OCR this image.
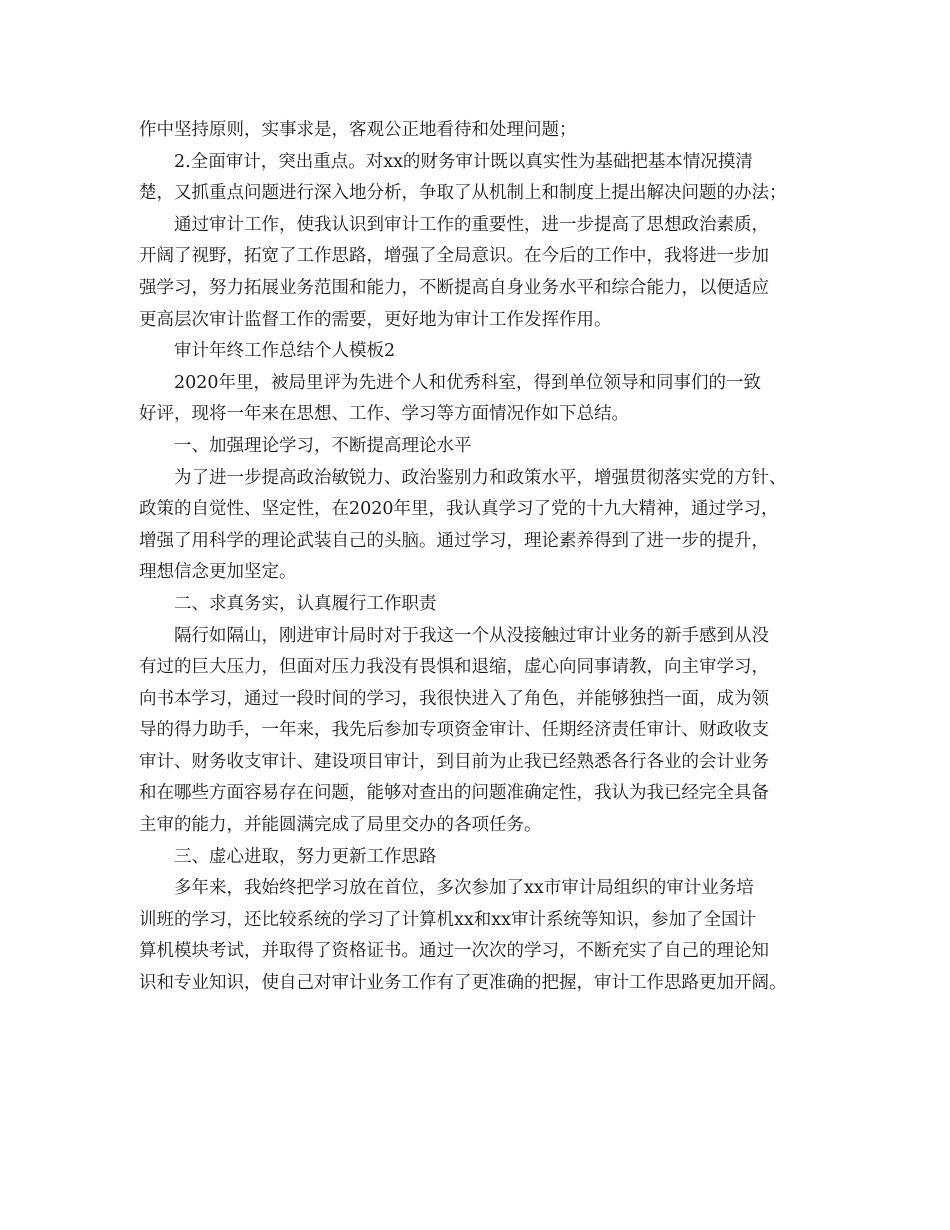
作中坚持原则，实事求是，客观公正地看待和处理问题；
2.全面审计，突出重点。对xx的财务审计既以真实性为基础把基本情况摸清
楚，又抓重点问题进行深入地分析，争取了从机制上和制度上提出解决问题的办法；
通过审计工作，使我认识到审计工作的重要性，进一步提高了思想政治素质，
开阔了视野，拓宽了工作思路，增强了全局意识。在今后的工作中，我将进一步加
强学习，努力拓展业务范围和能力，不断提高自身业务水平和综合能力，以便适应
更高层次审计监督工作的需要，更好地为审计工作发挥作用。
审计年终工作总结个人模板2
2020年里，被局里评为先进个人和优秀科室，得到单位领导和同事们的一致
好评，现将一年来在思想、工作、学习等方面情况作如下总结。
一、加强理论学习，不断提高理论水平
为了进一步提高政治敏锐力、政治鉴别力和政策水平，增强贯彻落实党的方针、
政策的自觉性、坚定性，在2020年里，我认真学习了党的十九大精神，通过学习，
增强了用科学的理论武装自己的头脑。通过学习，理论素养得到了进一步的提升，
理想信念更加坚定。
二、求真务实，认真履行工作职责
隔行如隔山，刚进审计局时对于我这一个从没接触过审计业务的新手感到从没
有过的巨大压力，但面对压力我没有畏惧和退缩，虚心向同事请教，向主审学习，
向书本学习，通过一段时间的学习，我很快进入了角色，并能够独挡一面，成为领
导的得力助手，一年来，我先后参加专项资金审计、任期经济责任审计、财政收支
审计、财务收支审计、建设项目审计，到目前为止我已经熟悉各行各业的会计业务
和在哪些方面容易存在问题，能够对查出的问题准确定性，我认为我已经完全具备
主审的能力，并能圆满完成了局里交办的各项任务。
三、虚心进取，努力更新工作思路
多年来，我始终把学习放在首位，多次参加了xx市审计局组织的审计业务培
训班的学习，还比较系统的学习了计算机xx和xx审计系统等知识，参加了全国计
算机模块考试，并取得了资格证书。通过一次次的学习，不断充实了自己的理论知
识和专业知识，使自己对审计业务工作有了更准确的把握，审计工作思路更加开阔。
